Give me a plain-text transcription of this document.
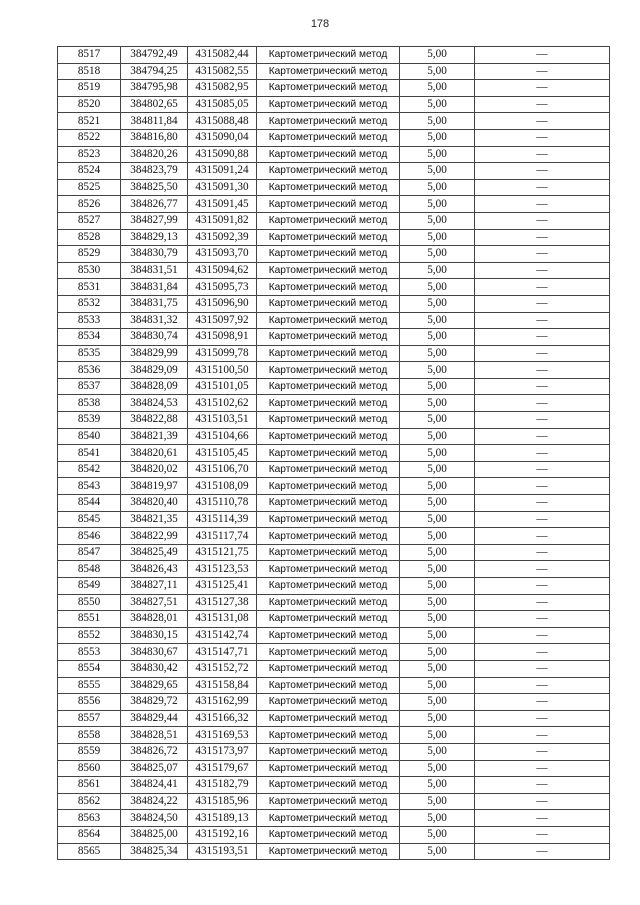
178
8517	384792,49	4315082,44	Картометрический метод	5,00	—
8518	384794,25	4315082,55	Картометрический метод	5,00	—
8519	384795,98	4315082,95	Картометрический метод	5,00	—
8520	384802,65	4315085,05	Картометрический метод	5,00	—
8521	384811,84	4315088,48	Картометрический метод	5,00	—
8522	384816,80	4315090,04	Картометрический метод	5,00	—
8523	384820,26	4315090,88	Картометрический метод	5,00	—
8524	384823,79	4315091,24	Картометрический метод	5,00	—
8525	384825,50	4315091,30	Картометрический метод	5,00	—
8526	384826,77	4315091,45	Картометрический метод	5,00	—
8527	384827,99	4315091,82	Картометрический метод	5,00	—
8528	384829,13	4315092,39	Картометрический метод	5,00	—
8529	384830,79	4315093,70	Картометрический метод	5,00	—
8530	384831,51	4315094,62	Картометрический метод	5,00	—
8531	384831,84	4315095,73	Картометрический метод	5,00	—
8532	384831,75	4315096,90	Картометрический метод	5,00	—
8533	384831,32	4315097,92	Картометрический метод	5,00	—
8534	384830,74	4315098,91	Картометрический метод	5,00	—
8535	384829,99	4315099,78	Картометрический метод	5,00	—
8536	384829,09	4315100,50	Картометрический метод	5,00	—
8537	384828,09	4315101,05	Картометрический метод	5,00	—
8538	384824,53	4315102,62	Картометрический метод	5,00	—
8539	384822,88	4315103,51	Картометрический метод	5,00	—
8540	384821,39	4315104,66	Картометрический метод	5,00	—
8541	384820,61	4315105,45	Картометрический метод	5,00	—
8542	384820,02	4315106,70	Картометрический метод	5,00	—
8543	384819,97	4315108,09	Картометрический метод	5,00	—
8544	384820,40	4315110,78	Картометрический метод	5,00	—
8545	384821,35	4315114,39	Картометрический метод	5,00	—
8546	384822,99	4315117,74	Картометрический метод	5,00	—
8547	384825,49	4315121,75	Картометрический метод	5,00	—
8548	384826,43	4315123,53	Картометрический метод	5,00	—
8549	384827,11	4315125,41	Картометрический метод	5,00	—
8550	384827,51	4315127,38	Картометрический метод	5,00	—
8551	384828,01	4315131,08	Картометрический метод	5,00	—
8552	384830,15	4315142,74	Картометрический метод	5,00	—
8553	384830,67	4315147,71	Картометрический метод	5,00	—
8554	384830,42	4315152,72	Картометрический метод	5,00	—
8555	384829,65	4315158,84	Картометрический метод	5,00	—
8556	384829,72	4315162,99	Картометрический метод	5,00	—
8557	384829,44	4315166,32	Картометрический метод	5,00	—
8558	384828,51	4315169,53	Картометрический метод	5,00	—
8559	384826,72	4315173,97	Картометрический метод	5,00	—
8560	384825,07	4315179,67	Картометрический метод	5,00	—
8561	384824,41	4315182,79	Картометрический метод	5,00	—
8562	384824,22	4315185,96	Картометрический метод	5,00	—
8563	384824,50	4315189,13	Картометрический метод	5,00	—
8564	384825,00	4315192,16	Картометрический метод	5,00	—
8565	384825,34	4315193,51	Картометрический метод	5,00	—
